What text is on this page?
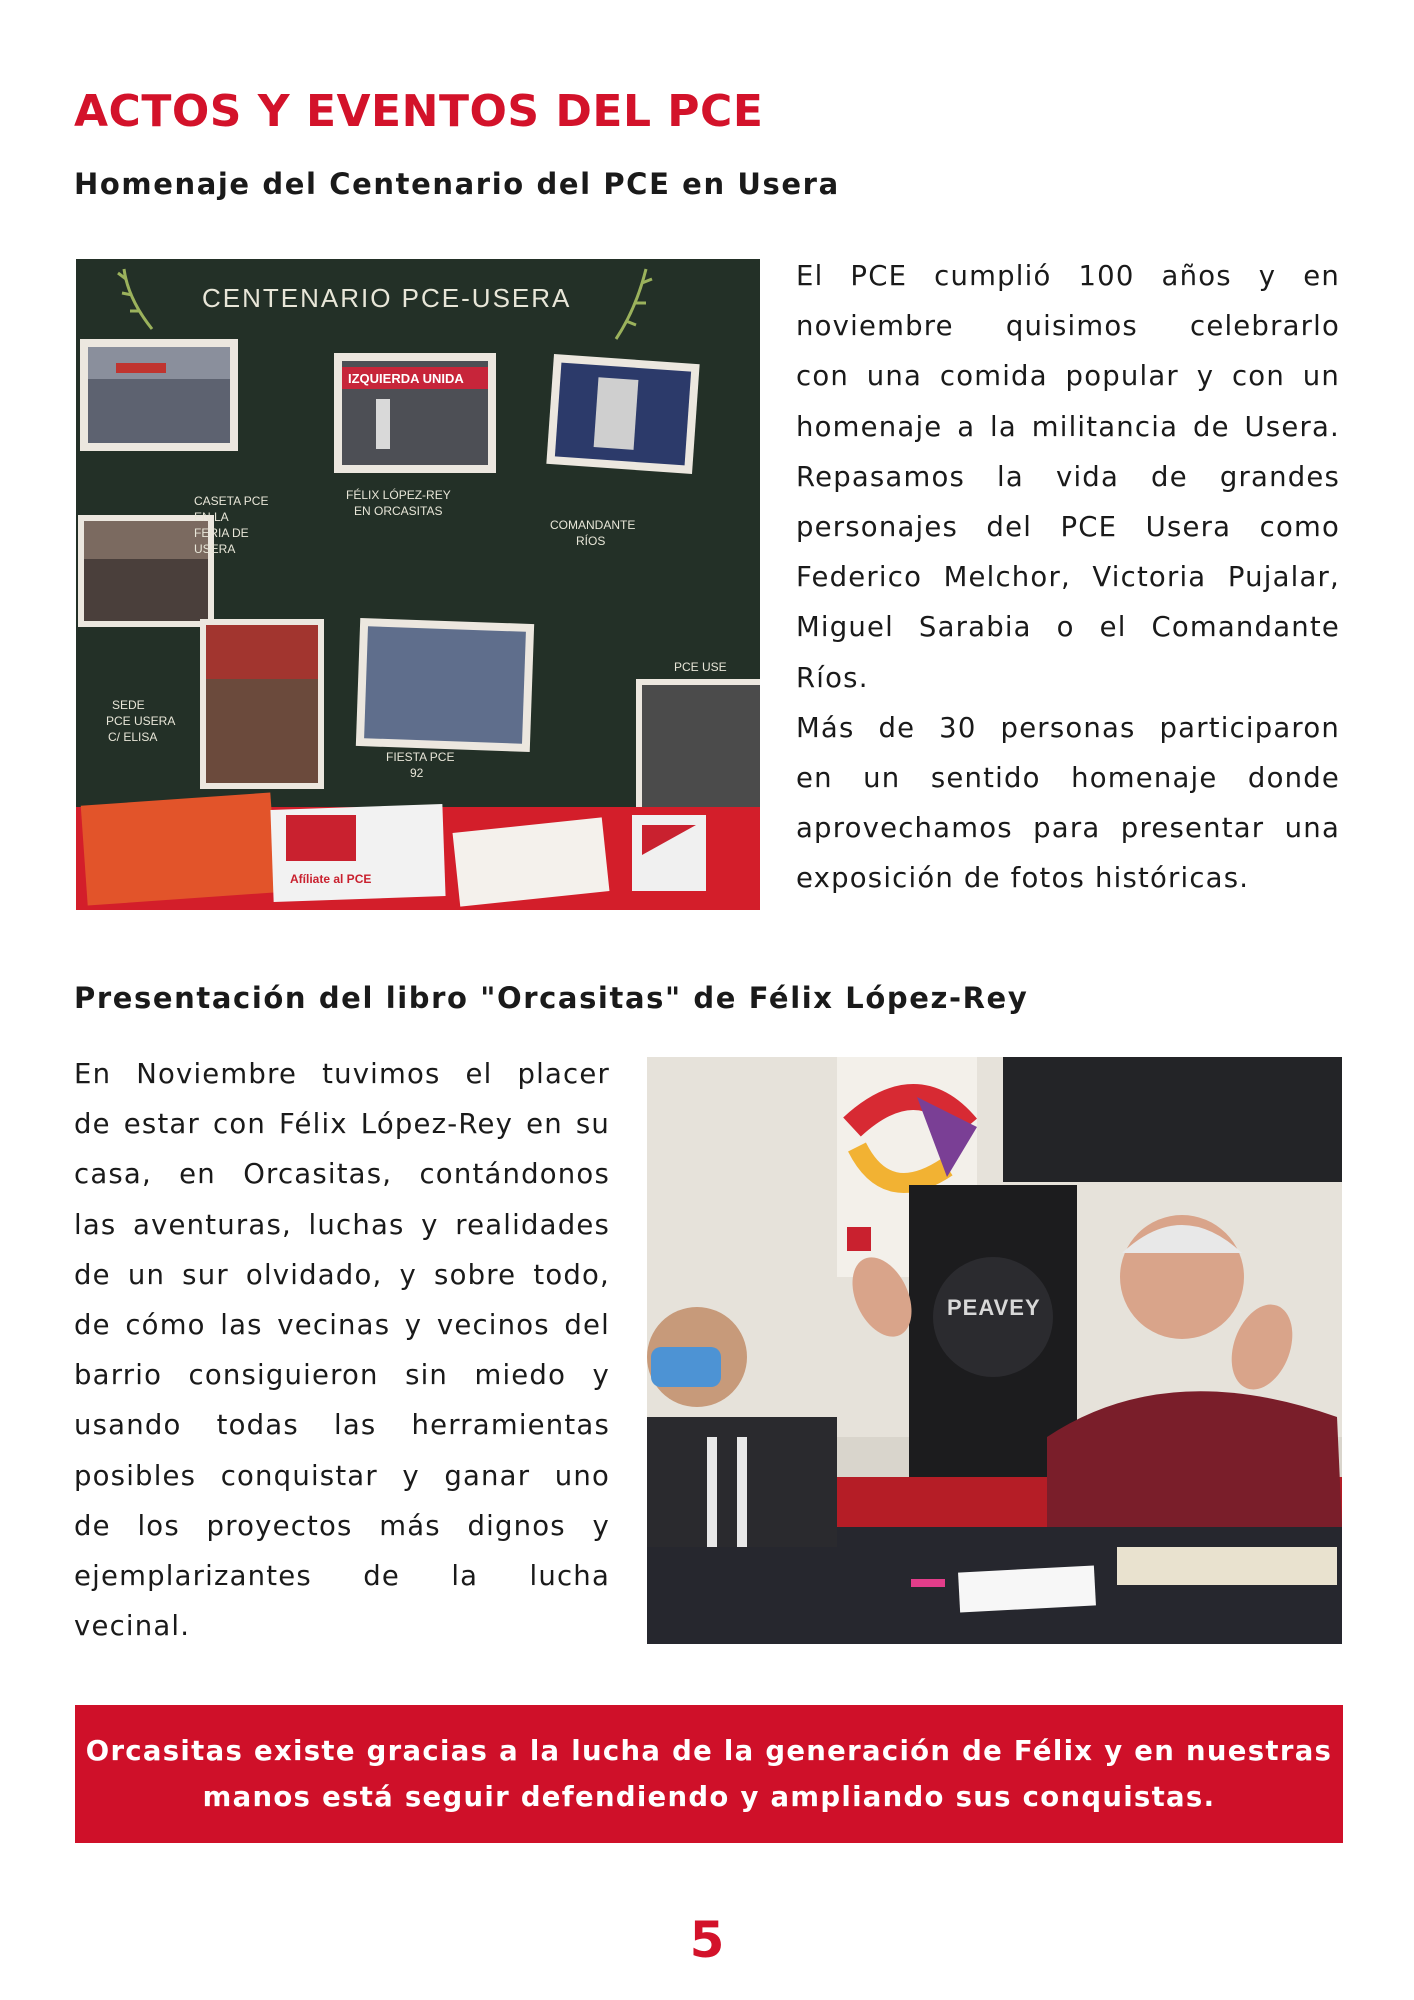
ACTOS Y EVENTOS DEL PCE
Homenaje del Centenario del PCE en Usera
CENTENARIO PCE-USERA
IZQUIERDA UNIDA
CASETA PCE
EN LA
FERIA DE
USERA
FÉLIX LÓPEZ-REY
EN ORCASITAS
COMANDANTE
RÍOS
SEDE
PCE USERA
C/ ELISA
FIESTA PCE
92
PCE USE
Afíliate al PCE

El PCE cumplió 100 años y en
noviembre quisimos celebrarlo
con una comida popular y con un
homenaje a la militancia de Usera.
Repasamos la vida de grandes
personajes del PCE Usera como
Federico Melchor, Victoria Pujalar,
Miguel Sarabia o el Comandante
Ríos.
Más de 30 personas participaron
en un sentido homenaje donde
aprovechamos para presentar una
exposición de fotos históricas.

Presentación del libro "Orcasitas" de Félix López-Rey

En Noviembre tuvimos el placer
de estar con Félix López-Rey en su
casa, en Orcasitas, contándonos
las aventuras, luchas y realidades
de un sur olvidado, y sobre todo,
de cómo las vecinas y vecinos del
barrio consiguieron sin miedo y
usando todas las herramientas
posibles conquistar y ganar uno
de los proyectos más dignos y
ejemplarizantes de la lucha
vecinal.

PEAVEY
Orcasitas existe gracias a la lucha de la generación de Félix y en nuestras
manos está seguir defendiendo y ampliando sus conquistas.
5
